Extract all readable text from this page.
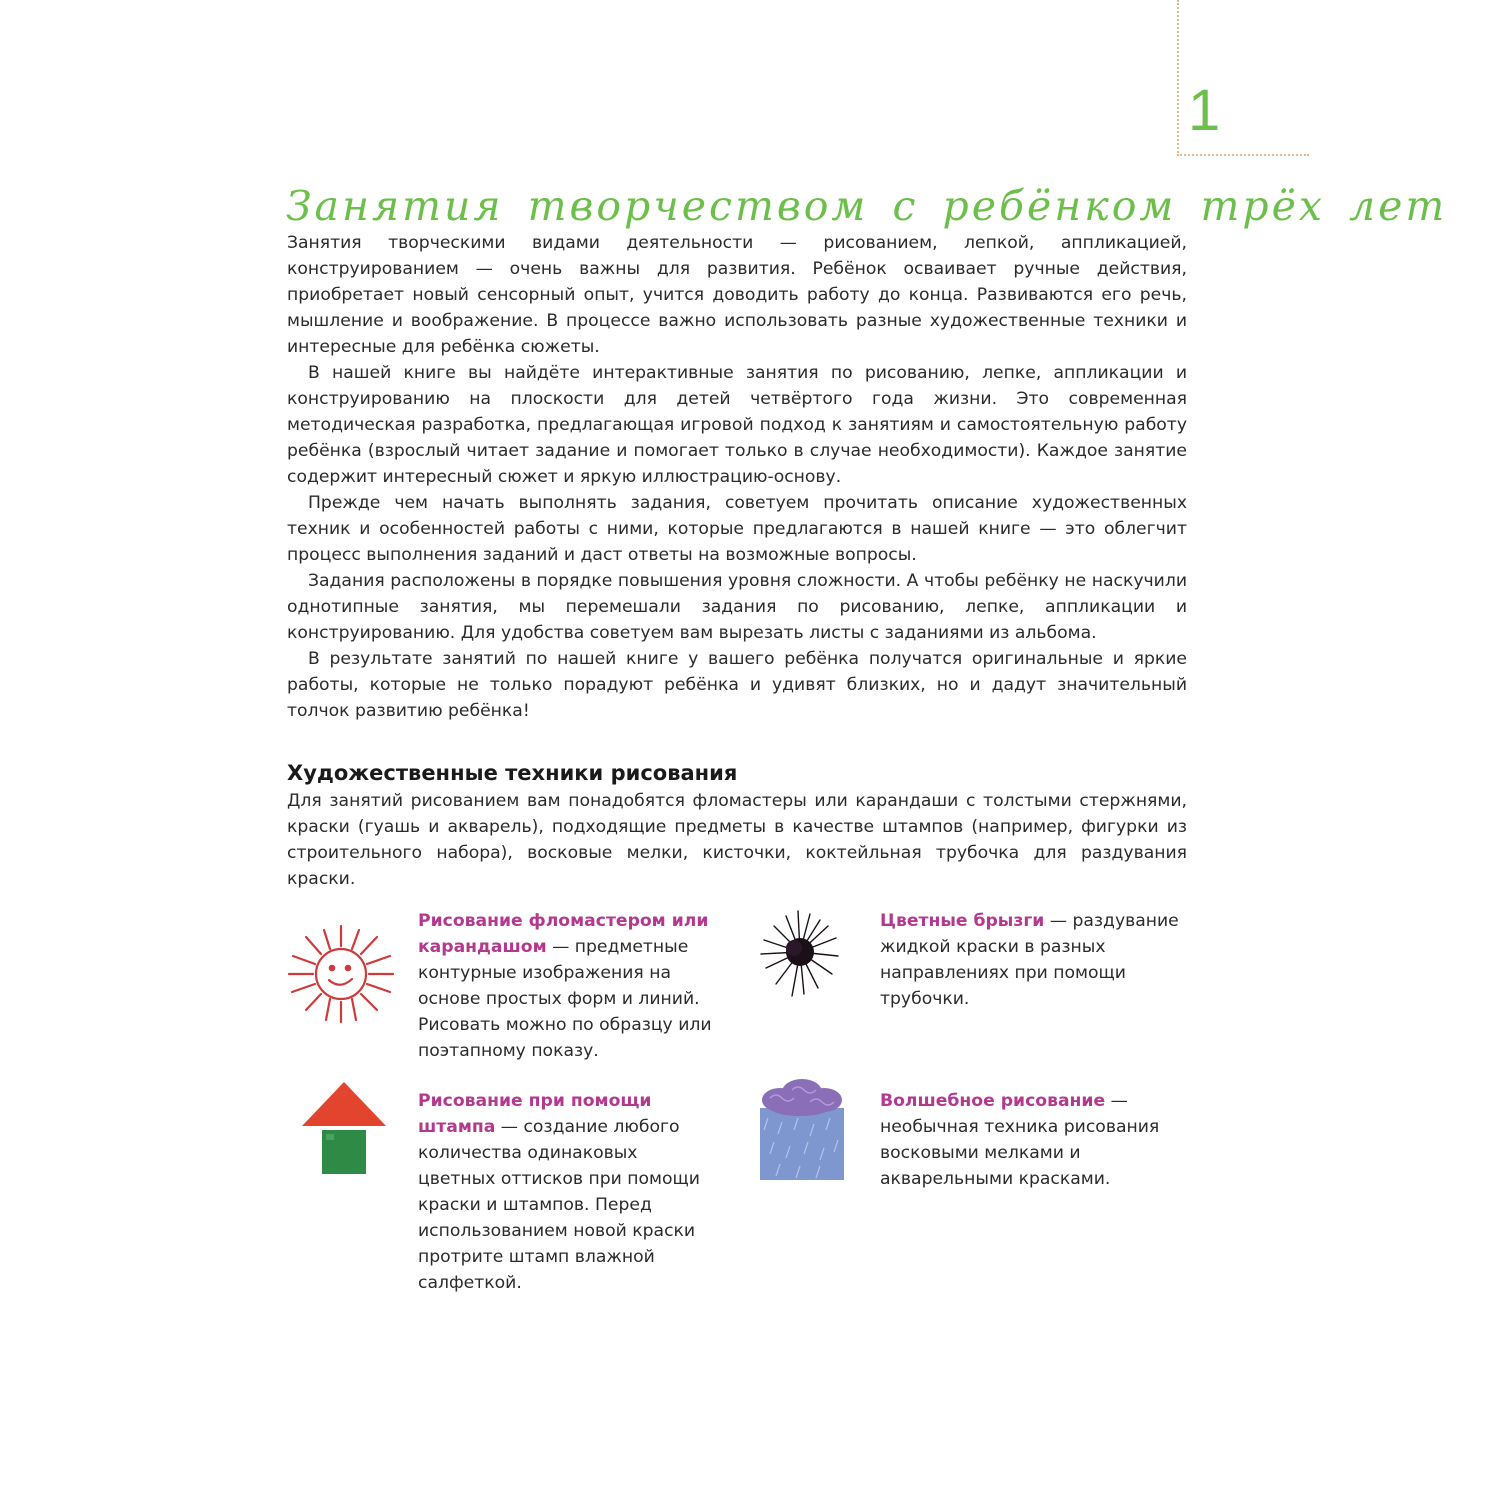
1
Занятия творчеством с ребёнком трёх лет

Занятия творческими видами деятельности — рисованием, лепкой, аппликацией, конструированием — очень важны для развития. Ребёнок осваивает ручные действия, приобретает новый сенсорный опыт, учится доводить работу до конца. Развиваются его речь, мышление и воображение. В процессе важно использовать разные художественные техники и интересные для ребёнка сюжеты.

В нашей книге вы найдёте интерактивные занятия по рисованию, лепке, аппликации и конструированию на плоскости для детей четвёртого года жизни. Это современная методическая разработка, предлагающая игровой подход к занятиям и самостоятельную работу ребёнка (взрослый читает задание и помогает только в случае необходимости). Каждое занятие содержит интересный сюжет и яркую иллюстрацию-основу.

Прежде чем начать выполнять задания, советуем прочитать описание художественных техник и особенностей работы с ними, которые предлагаются в нашей книге — это облегчит процесс выполнения заданий и даст ответы на возможные вопросы.

Задания расположены в порядке повышения уровня сложности. А чтобы ребёнку не наскучили однотипные занятия, мы перемешали задания по рисованию, лепке, аппликации и конструированию. Для удобства советуем вам вырезать листы с заданиями из альбома.

В результате занятий по нашей книге у вашего ребёнка получатся оригинальные и яркие работы, которые не только порадуют ребёнка и удивят близких, но и дадут значительный толчок развитию ребёнка!

Художественные техники рисования

Для занятий рисованием вам понадобятся фломастеры или карандаши с толстыми стержнями, краски (гуашь и акварель), подходящие предметы в качестве штампов (например, фигурки из строительного набора), восковые мелки, кисточки, коктейльная трубочка для раздувания краски.

Рисование фломастером или карандашом — предметные контурные изображения на основе простых форм и линий. Рисовать можно по образцу или поэтапному показу.
Цветные брызги — раздувание жидкой краски в разных направлениях при помощи трубочки.
Рисование при помощи штампа — создание любого количества одинаковых цветных оттисков при помощи краски и штампов. Перед использованием новой краски протрите штамп влажной салфеткой.
Волшебное рисование — необычная техника рисования восковыми мелками и акварельными красками.
